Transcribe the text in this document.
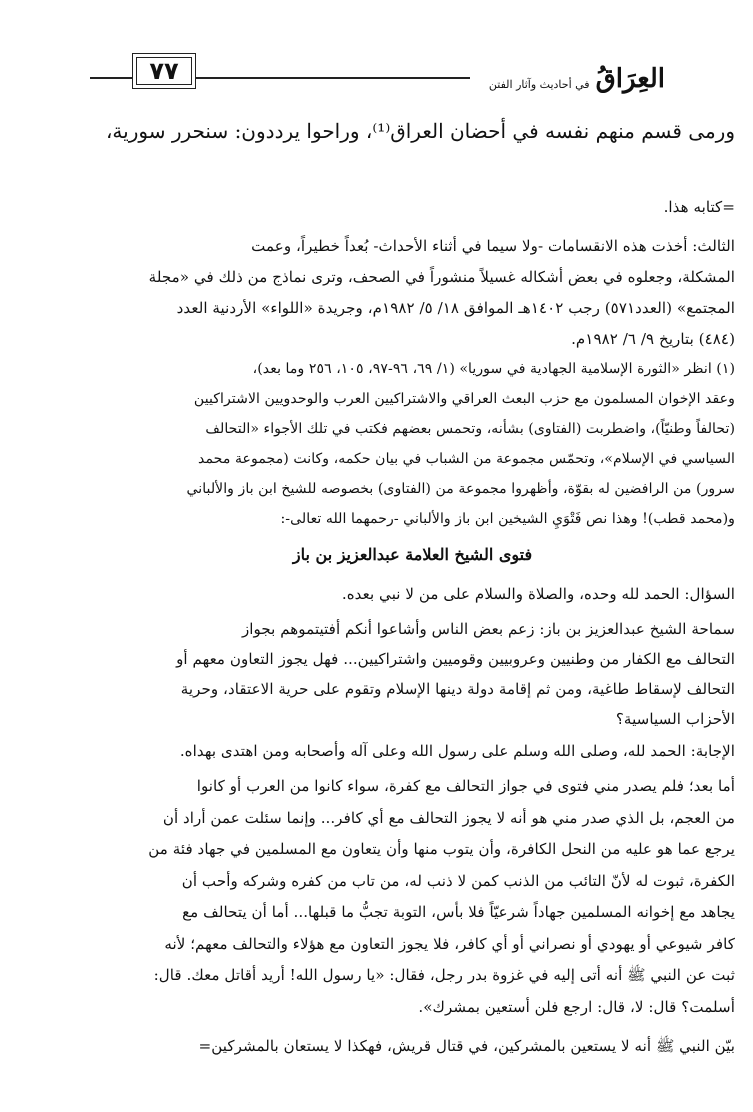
٧٧	العِرَاقُ
في أحاديث وآثار الفتن
ورمى قسم منهم نفسه في أحضان العراق⁽¹⁾، وراحوا يرددون: سنحرر سورية،
=كتابه هذا.
الثالث: أخذت هذه الانقسامات -ولا سيما في أثناء الأحداث- بُعداً خطيراً، وعمت
المشكلة، وجعلوه في بعض أشكاله غسيلاً منشوراً في الصحف، وترى نماذج من ذلك في «مجلة
المجتمع» (العدد٥٧١) رجب ١٤٠٢هـ الموافق ١٨/ ٥/ ١٩٨٢م، وجريدة «اللواء» الأردنية العدد
(٤٨٤) بتاريخ ٩/ ٦/ ١٩٨٢م.
(١) انظر «الثورة الإسلامية الجهادية في سوريا» (١/ ٦٩، ٩٦-٩٧، ١٠٥، ٢٥٦ وما بعد)،
وعقد الإخوان المسلمون مع حزب البعث العراقي والاشتراكيين العرب والوحدويين الاشتراكيين
(تحالفاً وطنيّاً)، واضطربت (الفتاوى) بشأنه، وتحمس بعضهم فكتب في تلك الأجواء «التحالف
السياسي في الإسلام»، وتحمّس مجموعة من الشباب في بيان حكمه، وكانت (مجموعة محمد
سرور) من الرافضين له بقوّة، وأظهروا مجموعة من (الفتاوى) بخصوصه للشيخ ابن باز والألباني
و(محمد قطب)! وهذا نص فَتْوَيِ الشيخين ابن باز والألباني -رحمهما الله تعالى-:
فتوى الشيخ العلامة عبدالعزيز بن باز
السؤال: الحمد لله وحده، والصلاة والسلام على من لا نبي بعده.
سماحة الشيخ عبدالعزيز بن باز: زعم بعض الناس وأشاعوا أنكم أفتيتموهم بجواز
التحالف مع الكفار من وطنيين وعروبيين وقوميين واشتراكيين... فهل يجوز التعاون معهم أو
التحالف لإسقاط طاغية، ومن ثم إقامة دولة دينها الإسلام وتقوم على حرية الاعتقاد، وحرية
الأحزاب السياسية؟
الإجابة: الحمد لله، وصلى الله وسلم على رسول الله وعلى آله وأصحابه ومن اهتدى بهداه.
أما بعد؛ فلم يصدر مني فتوى في جواز التحالف مع كفرة، سواء كانوا من العرب أو كانوا
من العجم، بل الذي صدر مني هو أنه لا يجوز التحالف مع أي كافر... وإنما سئلت عمن أراد أن
يرجع عما هو عليه من النحل الكافرة، وأن يتوب منها وأن يتعاون مع المسلمين في جهاد فئة من
الكفرة، ثبوت له لأنّ التائب من الذنب كمن لا ذنب له، من تاب من كفره وشركه وأحب أن
يجاهد مع إخوانه المسلمين جهاداً شرعيّاً فلا بأس، التوبة تجبُّ ما قبلها... أما أن يتحالف مع
كافر شيوعي أو يهودي أو نصراني أو أي كافر، فلا يجوز التعاون مع هؤلاء والتحالف معهم؛ لأنه
ثبت عن النبي ﷺ أنه أتى إليه في غزوة بدر رجل، فقال: «يا رسول الله! أريد أقاتل معك. قال:
أسلمت؟ قال: لا، قال: ارجع فلن أستعين بمشرك».
بيّن النبي ﷺ أنه لا يستعين بالمشركين، في قتال قريش، فهكذا لا يستعان بالمشركين=
